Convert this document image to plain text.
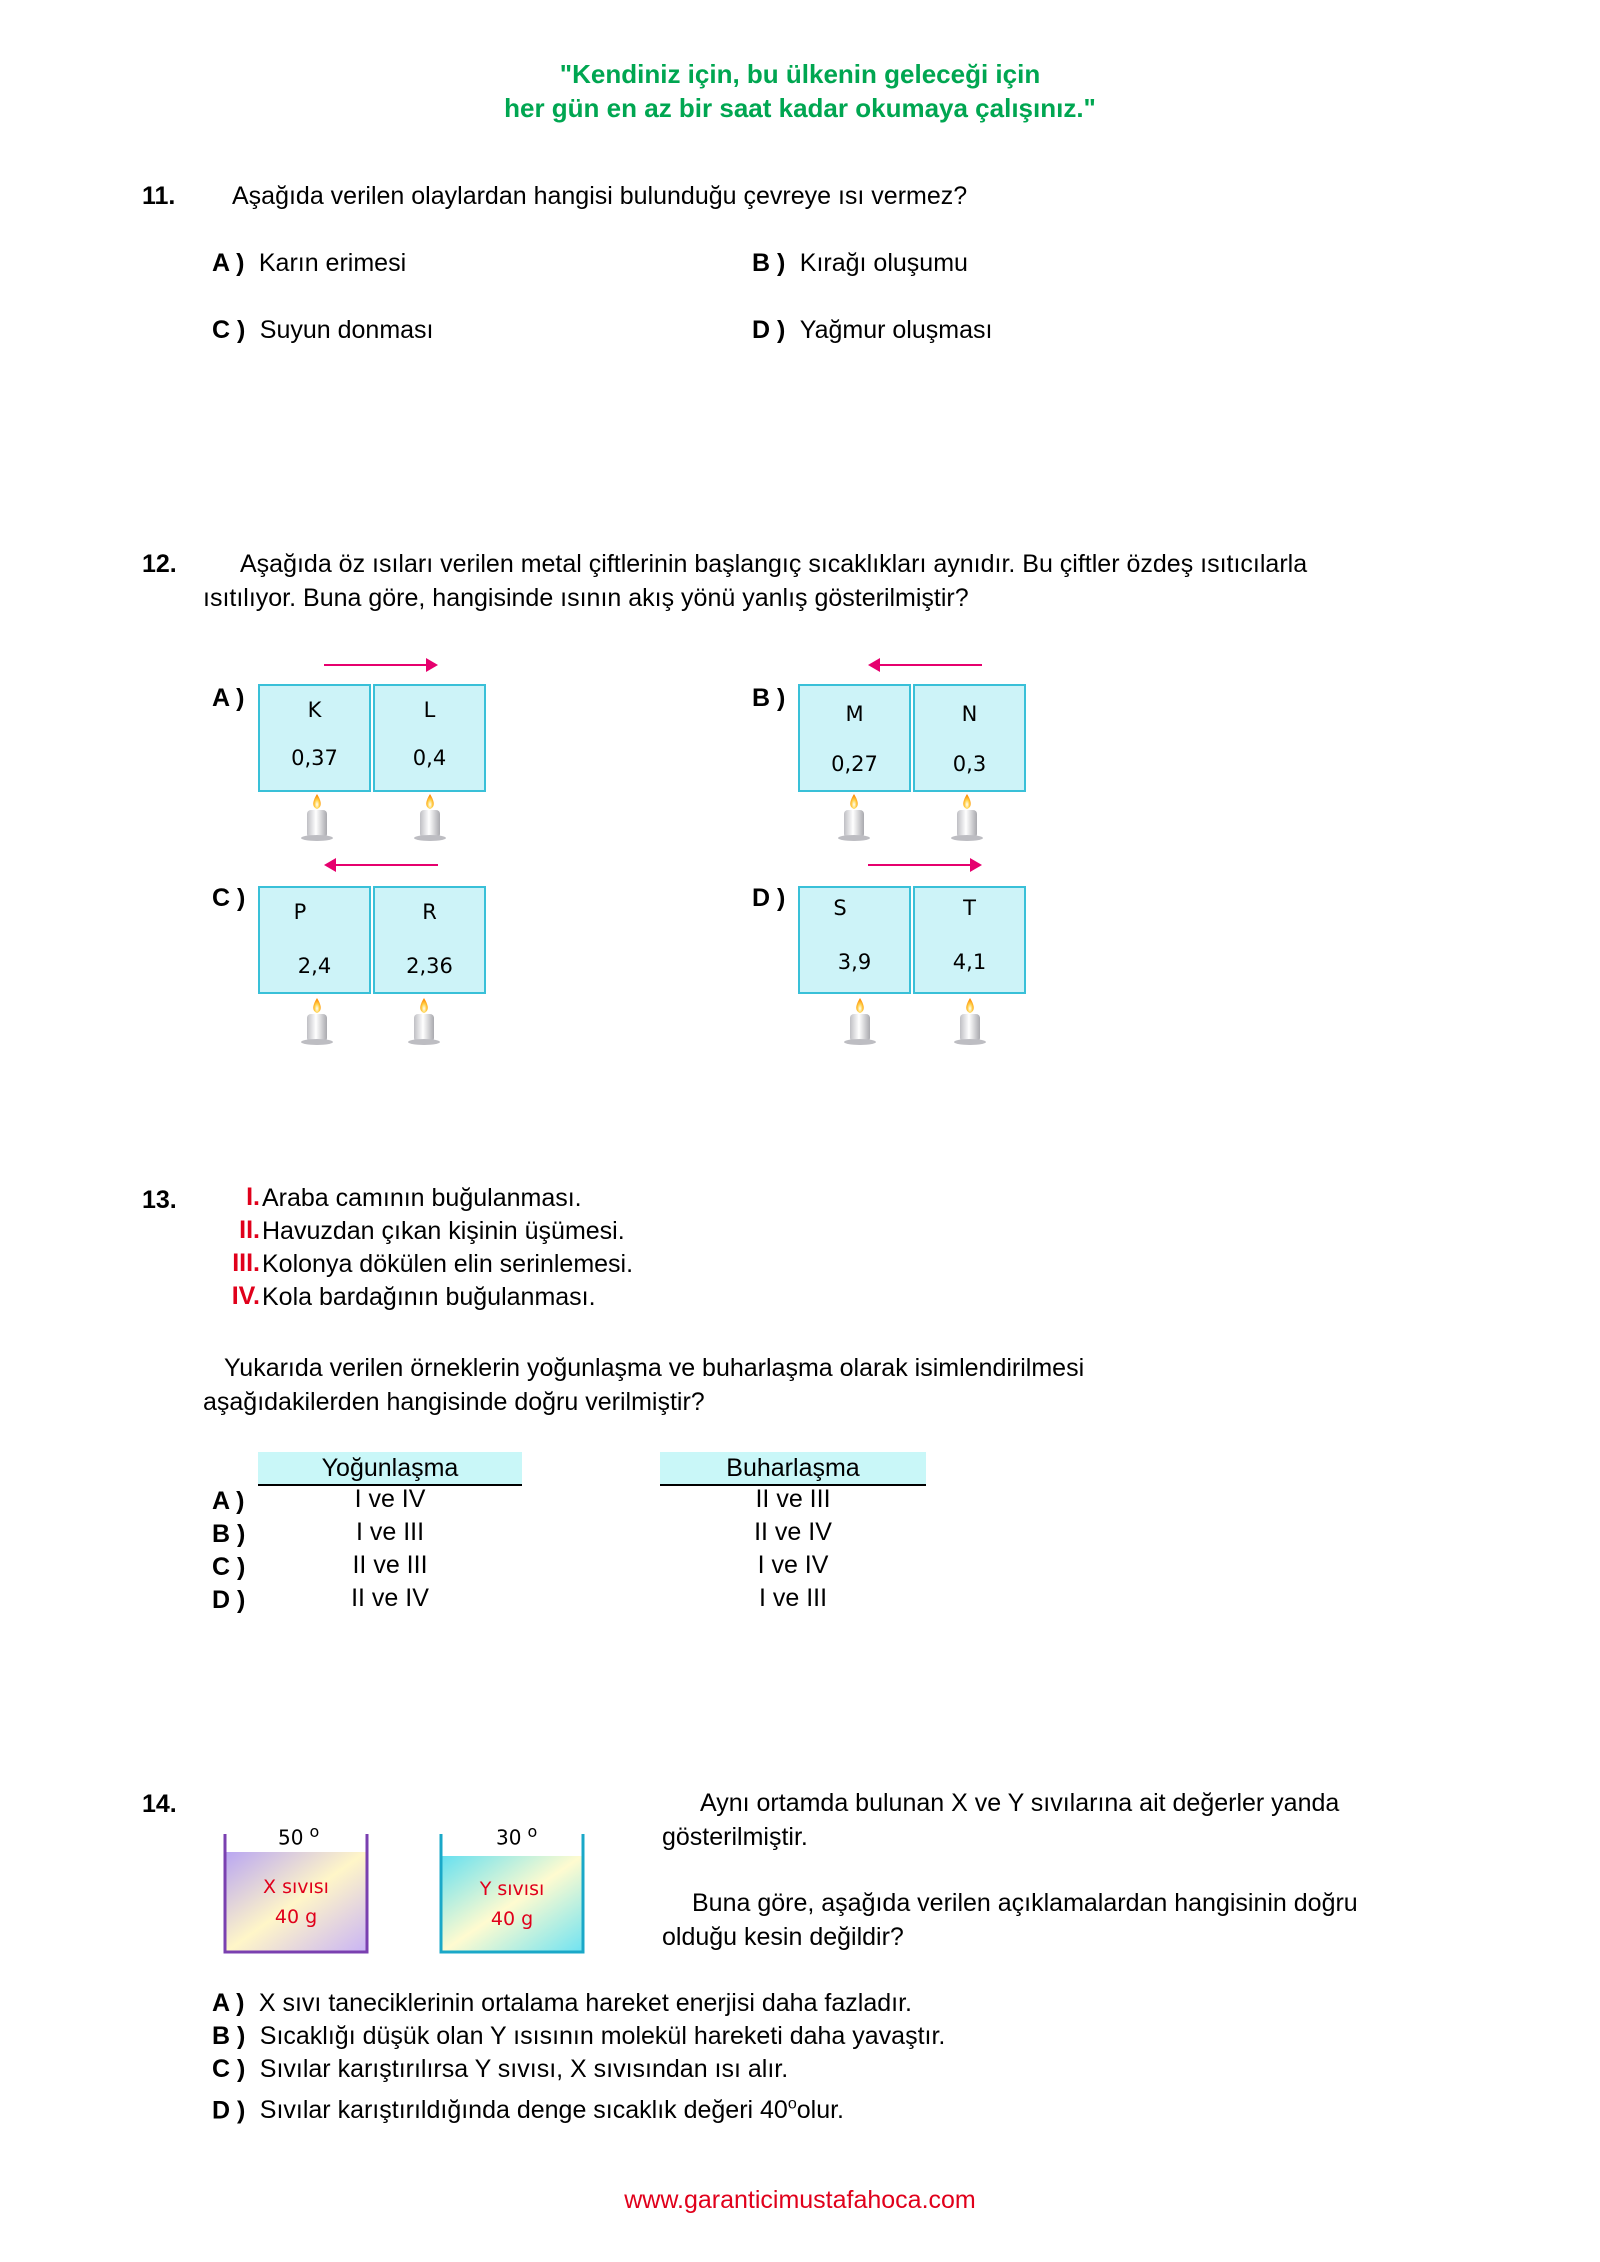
"Kendiniz için, bu ülkenin geleceği için
her gün en az bir saat kadar okumaya çalışınız."
11. Aşağıda verilen olaylardan hangisi bulunduğu çevreye ısı vermez?
A ) Karın erimesi	B ) Kırağı oluşumu
C ) Suyun donması	D ) Yağmur oluşması
12.	Aşağıda öz ısıları verilen metal çiftlerinin başlangıç sıcaklıkları aynıdır. Bu çiftler özdeş ısıtıcılarla
ısıtılıyor. Buna göre, hangisinde ısının akış yönü yanlış gösterilmiştir?
A )	K
0,37
L
0,4
B )
M
0,27
N
0,3
C )	P
2,4
R
2,36
D )	S
3,9
T
4,1
13.	I. Araba camının buğulanması.
II. Havuzdan çıkan kişinin üşümesi.
III. Kolonya dökülen elin serinlemesi.
IV. Kola bardağının buğulanması.
Yukarıda verilen örneklerin yoğunlaşma ve buharlaşma olarak isimlendirilmesi
aşağıdakilerden hangisinde doğru verilmiştir?
Yoğunlaşma	Buharlaşma
A )	I ve IV	II ve III
B )	I ve III	II ve IV
C )	II ve III	I ve IV
D )	II ve IV	I ve III
14.
50 $^o$
X sıvısı
40 g
30 $^o$
Y sıvısı
40 g
Aynı ortamda bulunan X ve Y sıvılarına ait değerler yanda
gösterilmiştir.
Buna göre, aşağıda verilen açıklamalardan hangisinin doğru
olduğu kesin değildir?
A ) X sıvı taneciklerinin ortalama hareket enerjisi daha fazladır.
B ) Sıcaklığı düşük olan Y ısısının molekül hareketi daha yavaştır.
C ) Sıvılar karıştırılırsa Y sıvısı, X sıvısından ısı alır.
D ) Sıvılar karıştırıldığında denge sıcaklık değeri 40$^o$olur.
www.garanticimustafahoca.com
